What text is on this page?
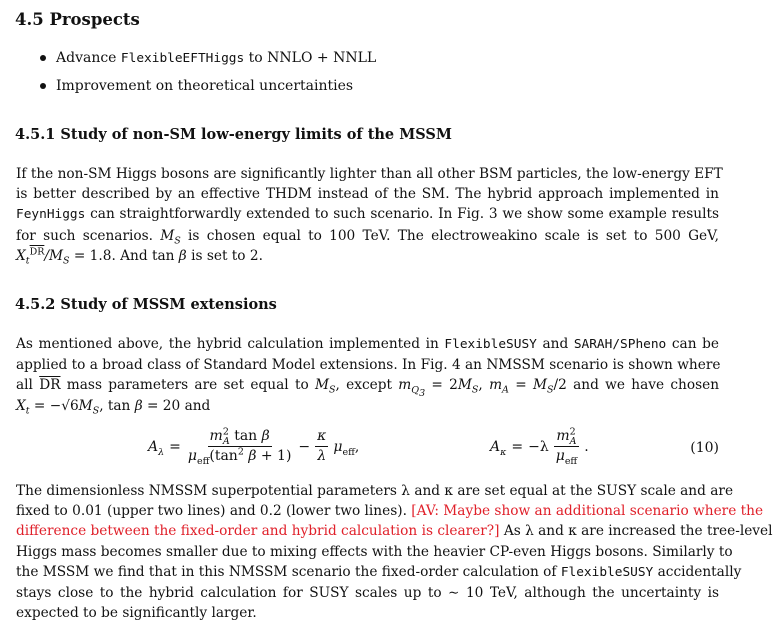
4.5 Prospects
Advance FlexibleEFTHiggs to NNLO + NNLL
Improvement on theoretical uncertainties
4.5.1 Study of non-SM low-energy limits of the MSSM
If the non-SM Higgs bosons are significantly lighter than all other BSM particles, the low-energy EFT
is better described by an effective THDM instead of the SM. The hybrid approach implemented in
FeynHiggs can straightforwardly extended to such scenario. In Fig. 3 we show some example results
for such scenarios. $M_S$ is chosen equal to 100 TeV. The electroweakino scale is set to 500 GeV,
$X_t^{\overline{DR}}/M_S = 1.8$. And tan β is set to 2.
4.5.2 Study of MSSM extensions
As mentioned above, the hybrid calculation implemented in FlexibleSUSY and SARAH/SPheno can be
applied to a broad class of Standard Model extensions. In Fig. 4 an NMSSM scenario is shown where
all $\overline{DR}$ mass parameters are set equal to $M_S$, except $m_{Q_3} = 2M_S$, $m_A = M_S/2$ and we have chosen
$X_t = -√6M_S$, tan β = 20 and
$A_\lambda = \frac{m^2_A \tan \beta}{\mu_{eff}(\tan^2 \beta + 1)} - \frac{\kappa}{\lambda} \mu_{eff}$,	$A_\kappa = -\lambda \frac{m^2_A}{\mu_{eff}}$ .	(10)
The dimensionless NMSSM superpotential parameters λ and κ are set equal at the SUSY scale and are
fixed to 0.01 (upper two lines) and 0.2 (lower two lines). [AV: Maybe show an additional scenario where the
difference between the fixed-order and hybrid calculation is clearer?] As λ and κ are increased the tree-level
Higgs mass becomes smaller due to mixing effects with the heavier CP-even Higgs bosons. Similarly to
the MSSM we find that in this NMSSM scenario the fixed-order calculation of FlexibleSUSY accidentally
stays close to the hybrid calculation for SUSY scales up to ∼ 10 TeV, although the uncertainty is
expected to be significantly larger.
